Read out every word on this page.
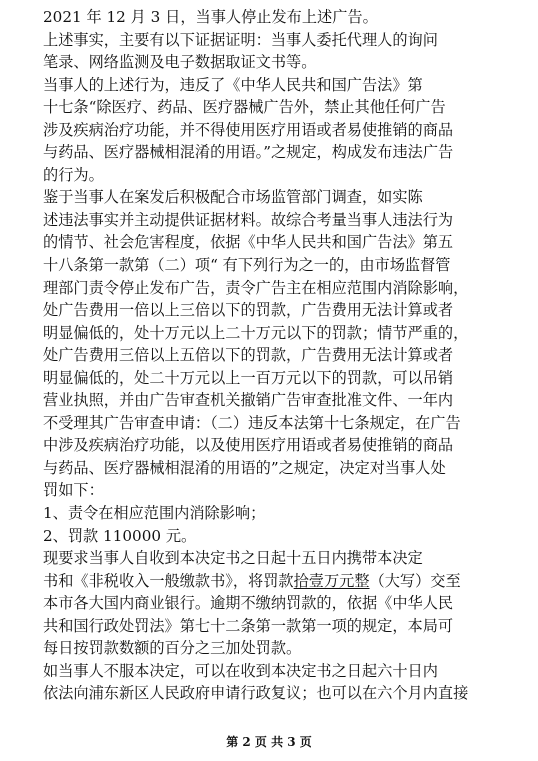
2021 年 12 月 3 日，当事人停止发布上述广告。
上述事实，主要有以下证据证明：当事人委托代理人的询问
笔录、网络监测及电子数据取证文书等。
当事人的上述行为，违反了《中华人民共和国广告法》第
十七条“除医疗、药品、医疗器械广告外，禁止其他任何广告
涉及疾病治疗功能，并不得使用医疗用语或者易使推销的商品
与药品、医疗器械相混淆的用语。”之规定，构成发布违法广告
的行为。
鉴于当事人在案发后积极配合市场监管部门调查，如实陈
述违法事实并主动提供证据材料。故综合考量当事人违法行为
的情节、社会危害程度，依据《中华人民共和国广告法》第五
十八条第一款第（二）项“ 有下列行为之一的，由市场监督管
理部门责令停止发布广告，责令广告主在相应范围内消除影响，
处广告费用一倍以上三倍以下的罚款，广告费用无法计算或者
明显偏低的，处十万元以上二十万元以下的罚款；情节严重的，
处广告费用三倍以上五倍以下的罚款，广告费用无法计算或者
明显偏低的，处二十万元以上一百万元以下的罚款，可以吊销
营业执照，并由广告审查机关撤销广告审查批准文件、一年内
不受理其广告审查申请：（二）违反本法第十七条规定，在广告
中涉及疾病治疗功能，以及使用医疗用语或者易使推销的商品
与药品、医疗器械相混淆的用语的”之规定，决定对当事人处
罚如下：
1、责令在相应范围内消除影响；
2、罚款 110000 元。
现要求当事人自收到本决定书之日起十五日内携带本决定
书和《非税收入一般缴款书》，将罚款拾壹万元整（大写）交至
本市各大国内商业银行。逾期不缴纳罚款的，依据《中华人民
共和国行政处罚法》第七十二条第一款第一项的规定，本局可
每日按罚款数额的百分之三加处罚款。
如当事人不服本决定，可以在收到本决定书之日起六十日内
依法向浦东新区人民政府申请行政复议；也可以在六个月内直接
第 2 页 共 3 页
